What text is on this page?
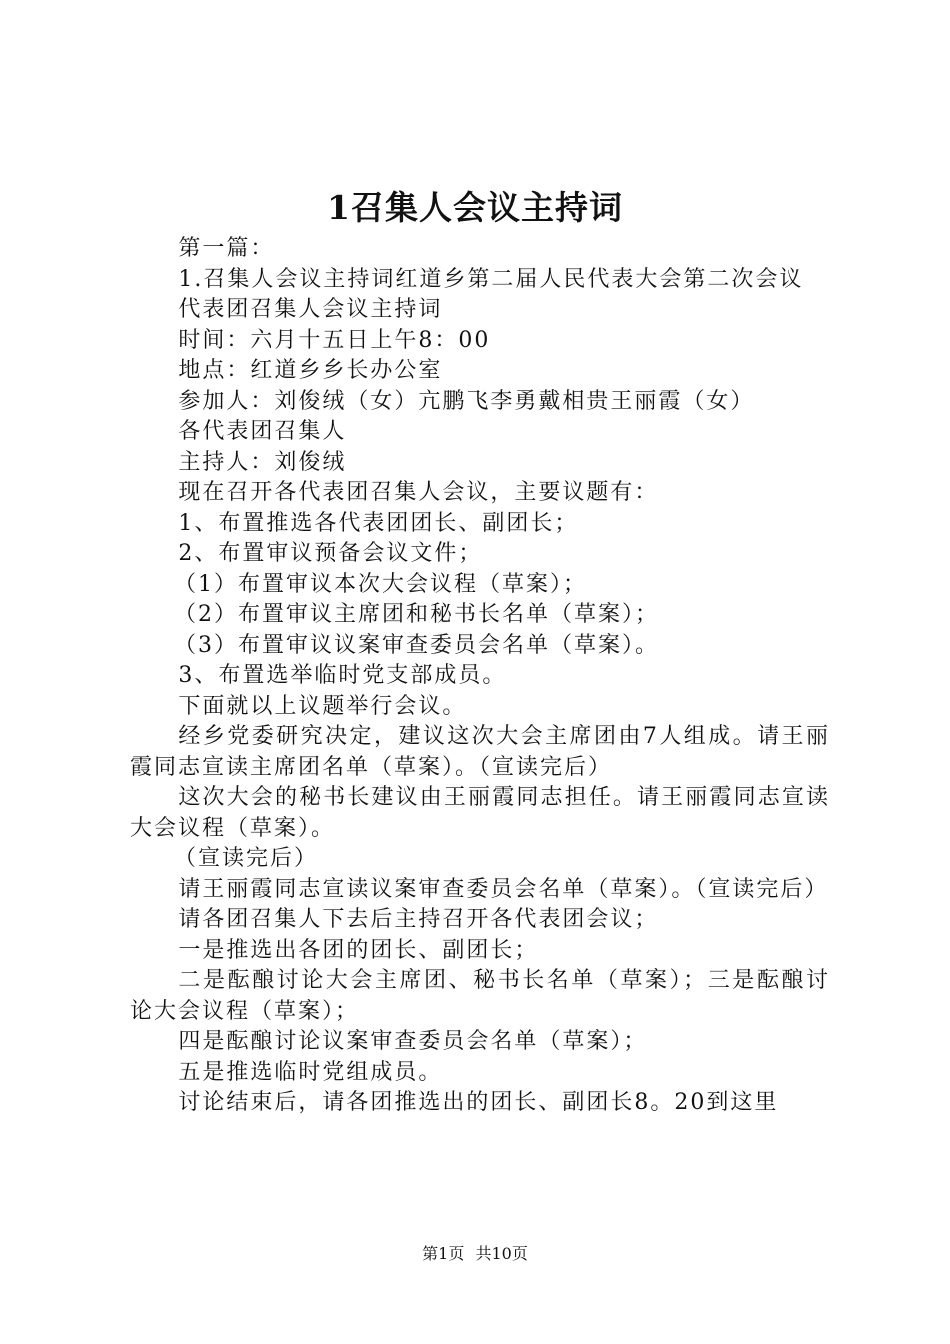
1召集人会议主持词

第一篇：

1.召集人会议主持词红道乡第二届人民代表大会第二次会议

代表团召集人会议主持词

时间：六月十五日上午8：00

地点：红道乡乡长办公室

参加人：刘俊绒（女）亢鹏飞李勇戴相贵王丽霞（女）

各代表团召集人

主持人：刘俊绒

现在召开各代表团召集人会议，主要议题有：

1、布置推选各代表团团长、副团长；

2、布置审议预备会议文件；

（1）布置审议本次大会议程（草案）；

（2）布置审议主席团和秘书长名单（草案）；

（3）布置审议议案审查委员会名单（草案）。

3、布置选举临时党支部成员。

下面就以上议题举行会议。

经乡党委研究决定，建议这次大会主席团由7人组成。请王丽霞同志宣读主席团名单（草案）。（宣读完后）

这次大会的秘书长建议由王丽霞同志担任。请王丽霞同志宣读大会议程（草案）。

（宣读完后）

请王丽霞同志宣读议案审查委员会名单（草案）。（宣读完后）

请各团召集人下去后主持召开各代表团会议；

一是推选出各团的团长、副团长；

二是酝酿讨论大会主席团、秘书长名单（草案）；三是酝酿讨论大会议程（草案）；

四是酝酿讨论议案审查委员会名单（草案）；

五是推选临时党组成员。

讨论结束后，请各团推选出的团长、副团长8。20到这里

第1页 共10页
